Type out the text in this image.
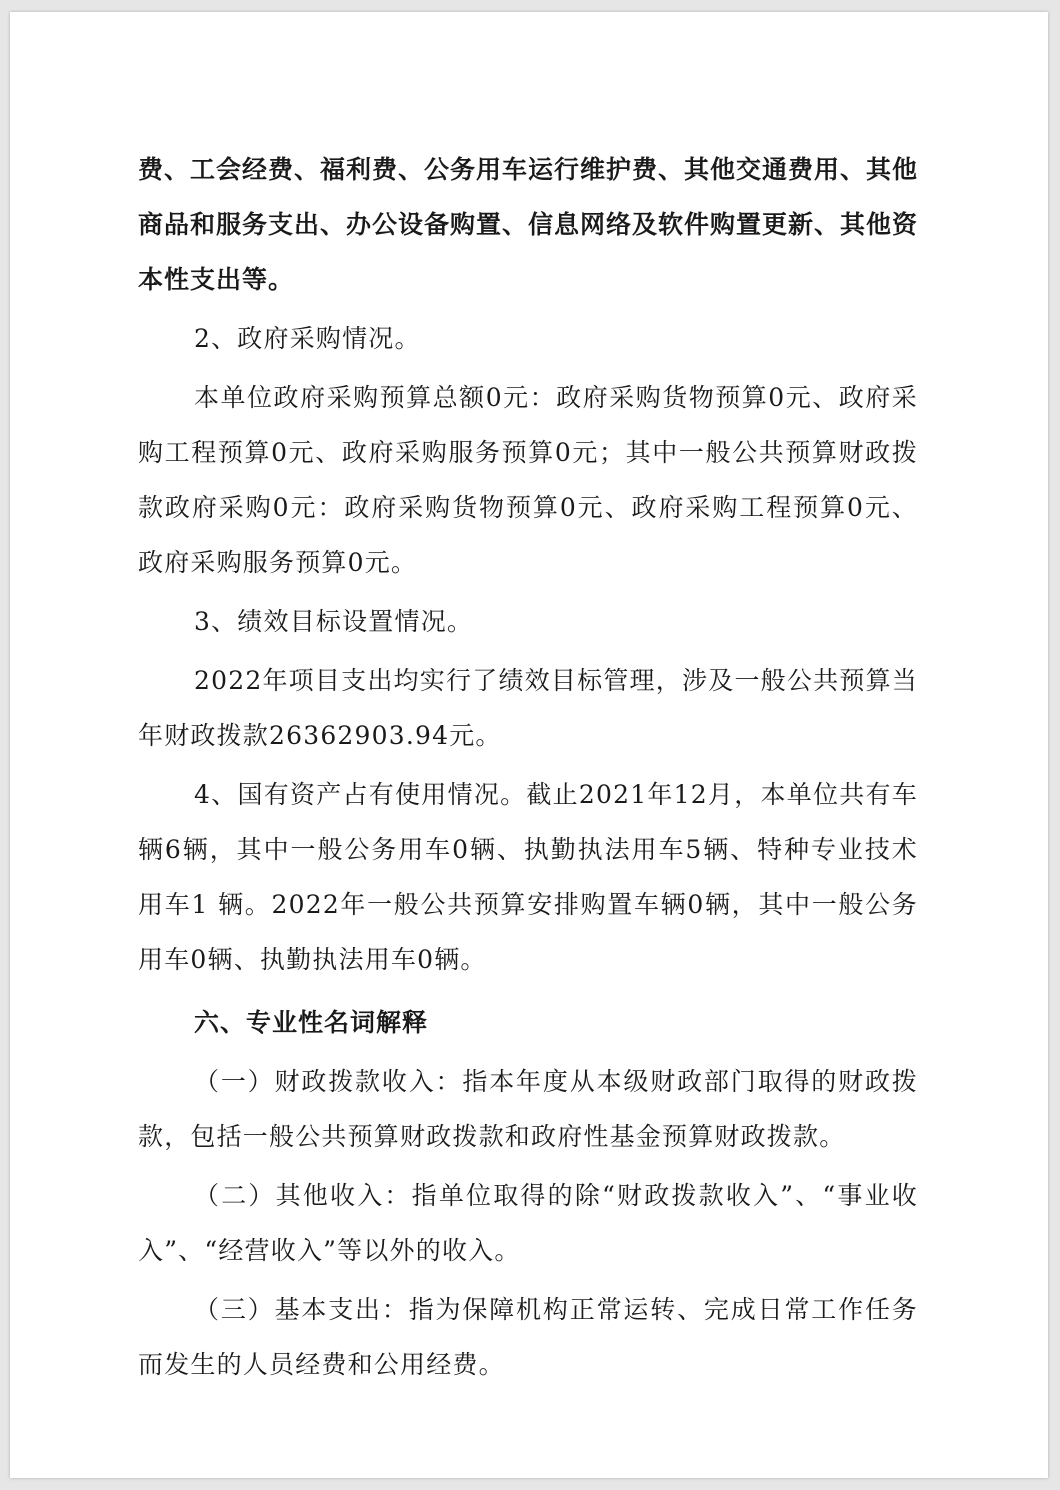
费、工会经费、福利费、公务用车运行维护费、其他交通费用、其他商品和服务支出、办公设备购置、信息网络及软件购置更新、其他资本性支出等。

2、政府采购情况。

本单位政府采购预算总额0元：政府采购货物预算0元、政府采购工程预算0元、政府采购服务预算0元；其中一般公共预算财政拨款政府采购0元：政府采购货物预算0元、政府采购工程预算0元、政府采购服务预算0元。

3、绩效目标设置情况。

2022年项目支出均实行了绩效目标管理，涉及一般公共预算当年财政拨款26362903.94元。

4、国有资产占有使用情况。截止2021年12月，本单位共有车辆6辆，其中一般公务用车0辆、执勤执法用车5辆、特种专业技术用车1 辆。2022年一般公共预算安排购置车辆0辆，其中一般公务用车0辆、执勤执法用车0辆。

六、专业性名词解释

（一）财政拨款收入：指本年度从本级财政部门取得的财政拨款，包括一般公共预算财政拨款和政府性基金预算财政拨款。

（二）其他收入：指单位取得的除“财政拨款收入”、“事业收入”、“经营收入”等以外的收入。

（三）基本支出：指为保障机构正常运转、完成日常工作任务而发生的人员经费和公用经费。
